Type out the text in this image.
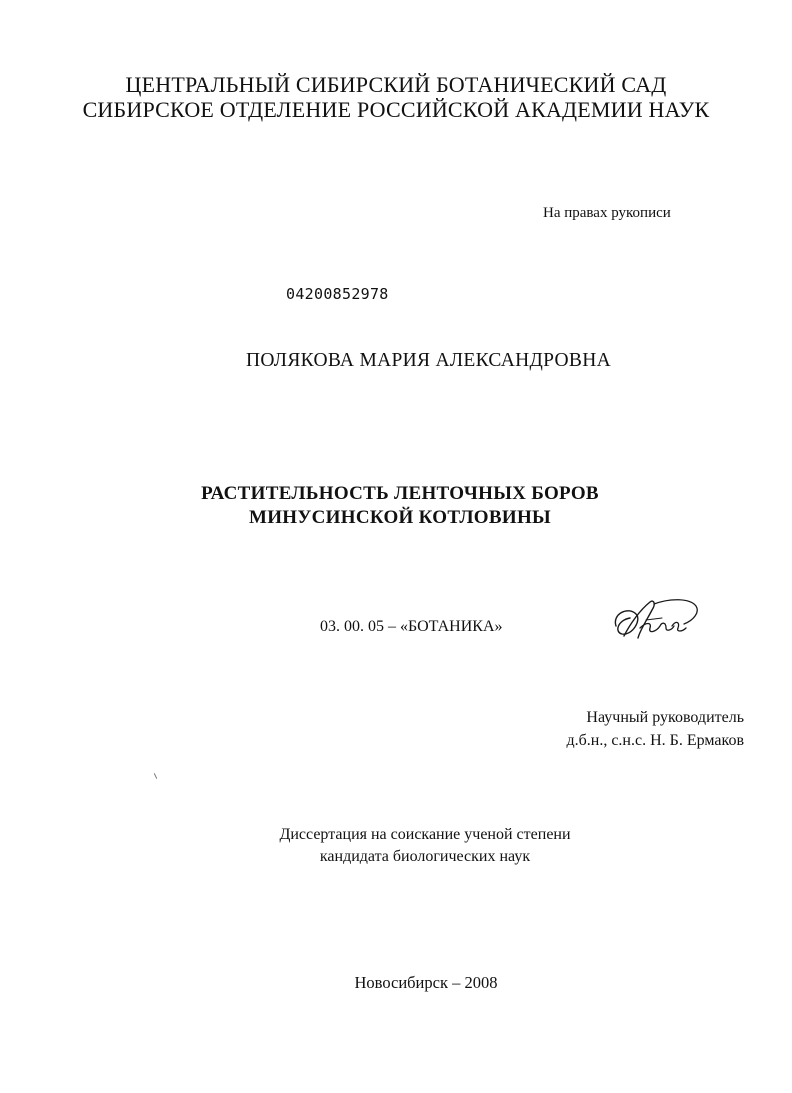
ЦЕНТРАЛЬНЫЙ СИБИРСКИЙ БОТАНИЧЕСКИЙ САД
СИБИРСКОЕ ОТДЕЛЕНИЕ РОССИЙСКОЙ АКАДЕМИИ НАУК
На правах рукописи
04200852978
ПОЛЯКОВА МАРИЯ АЛЕКСАНДРОВНА
РАСТИТЕЛЬНОСТЬ ЛЕНТОЧНЫХ БОРОВ
МИНУСИНСКОЙ КОТЛОВИНЫ
03. 00. 05 – «БОТАНИКА»
Научный руководитель
д.б.н., с.н.с. Н. Б. Ермаков
Диссертация на соискание ученой степени
кандидата биологических наук
Новосибирск – 2008
